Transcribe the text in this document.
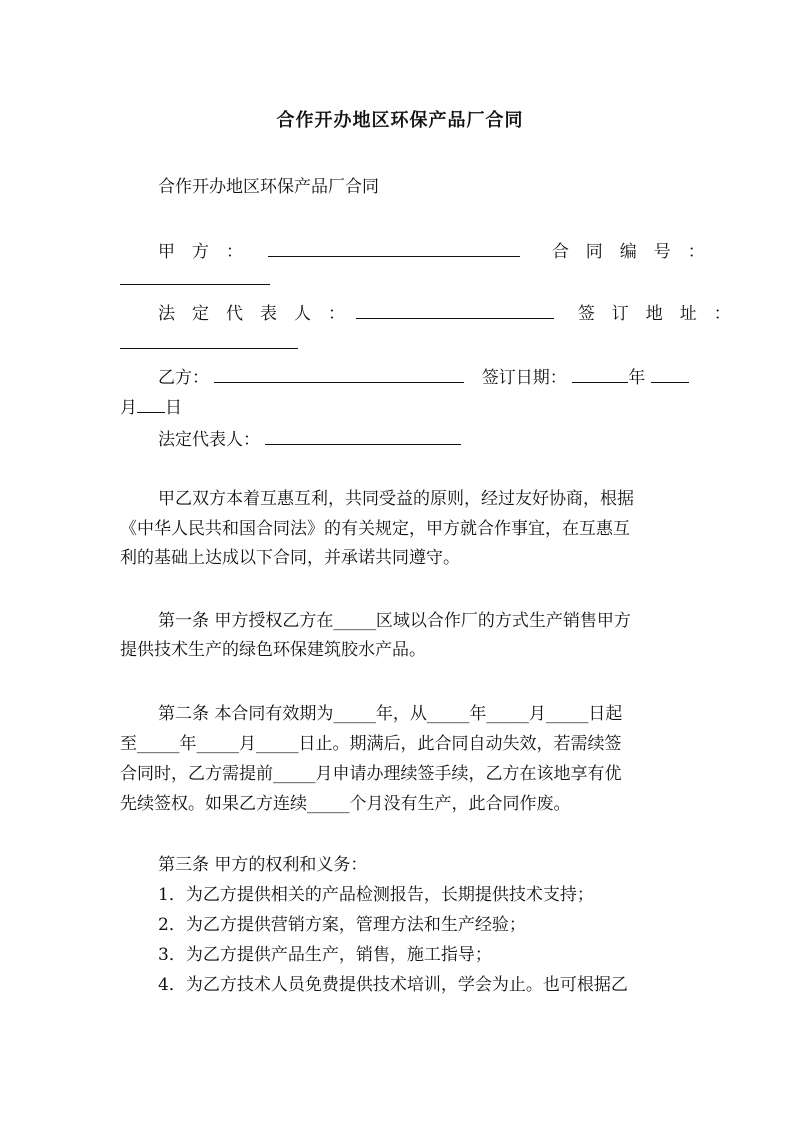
合作开办地区环保产品厂合同
合作开办地区环保产品厂合同
甲　方　：	合　同　编　号　：
法　定　代　表　人　：	签　订　地　址　：
乙方：	签订日期：	年
月 日
法定代表人：
甲乙双方本着互惠互利，共同受益的原则，经过友好协商，根据
《中华人民共和国合同法》的有关规定，甲方就合作事宜，在互惠互
利的基础上达成以下合同，并承诺共同遵守。
第一条 甲方授权乙方在_____区域以合作厂的方式生产销售甲方
提供技术生产的绿色环保建筑胶水产品。
第二条 本合同有效期为_____年，从_____年_____月_____日起
至_____年_____月_____日止。期满后，此合同自动失效，若需续签
合同时，乙方需提前_____月申请办理续签手续，乙方在该地享有优
先续签权。如果乙方连续_____个月没有生产，此合同作废。
第三条 甲方的权利和义务：
1．为乙方提供相关的产品检测报告，长期提供技术支持；
2．为乙方提供营销方案，管理方法和生产经验；
3．为乙方提供产品生产，销售，施工指导；
4．为乙方技术人员免费提供技术培训，学会为止。也可根据乙
